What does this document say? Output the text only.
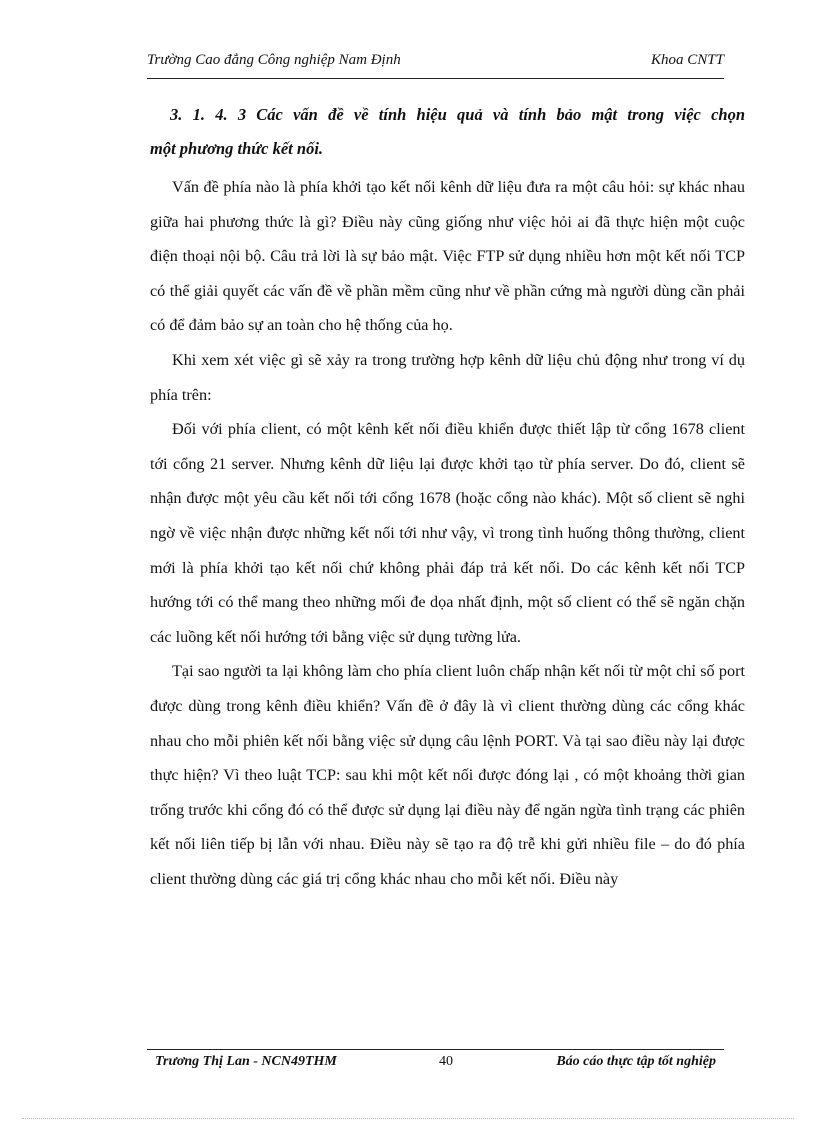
Trường Cao đẳng Công nghiệp Nam Định	Khoa CNTT
3. 1. 4. 3 Các vấn đề về tính hiệu quả và tính bảo mật trong việc chọn
một phương thức kết nối.

Vấn đề phía nào là phía khởi tạo kết nối kênh dữ liệu đưa ra một câu hỏi: sự khác nhau giữa hai phương thức là gì? Điều này cũng giống như việc hỏi ai đã thực hiện một cuộc điện thoại nội bộ. Câu trả lời là sự bảo mật. Việc FTP sử dụng nhiều hơn một kết nối TCP có thể giải quyết các vấn đề về phần mềm cũng như về phần cứng mà người dùng cần phải có để đảm bảo sự an toàn cho hệ thống của họ.

Khi xem xét việc gì sẽ xảy ra trong trường hợp kênh dữ liệu chủ động như trong ví dụ phía trên:

Đối với phía client, có một kênh kết nối điều khiển được thiết lập từ cổng 1678 client tới cổng 21 server. Nhưng kênh dữ liệu lại được khởi tạo từ phía server. Do đó, client sẽ nhận được một yêu cầu kết nối tới cổng 1678 (hoặc cổng nào khác). Một số client sẽ nghi ngờ về việc nhận được những kết nối tới như vậy, vì trong tình huống thông thường, client mới là phía khởi tạo kết nối chứ không phải đáp trả kết nối. Do các kênh kết nối TCP hướng tới có thể mang theo những mối đe dọa nhất định, một số client có thể sẽ ngăn chặn các luồng kết nối hướng tới bằng việc sử dụng tường lửa.

Tại sao người ta lại không làm cho phía client luôn chấp nhận kết nối từ một chỉ số port được dùng trong kênh điều khiển? Vấn đề ở đây là vì client thường dùng các cổng khác nhau cho mỗi phiên kết nối bằng việc sử dụng câu lệnh PORT. Và tại sao điều này lại được thực hiện? Vì theo luật TCP: sau khi một kết nối được đóng lại , có một khoảng thời gian trống trước khi cổng đó có thể được sử dụng lại điều này để ngăn ngừa tình trạng các phiên kết nối liên tiếp bị lẫn với nhau. Điều này sẽ tạo ra độ trễ khi gửi nhiều file – do đó phía client thường dùng các giá trị cổng khác nhau cho mỗi kết nối. Điều này

Trương Thị Lan - NCN49THM	40	Báo cáo thực tập tốt nghiệp
